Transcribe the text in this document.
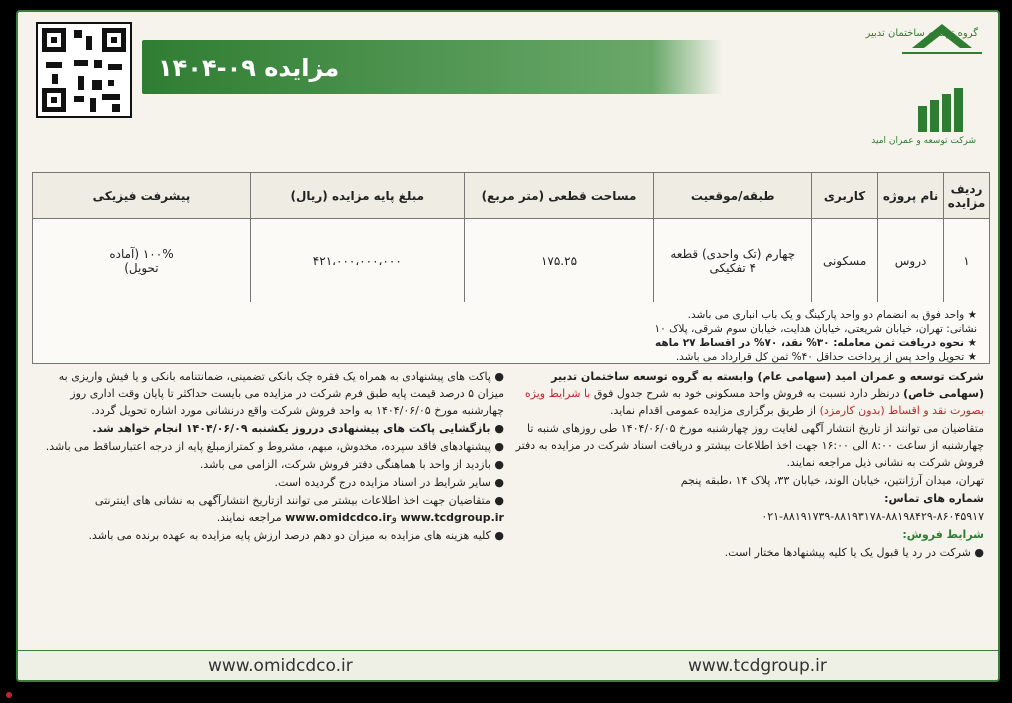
مزایده ۰۹-۱۴۰۴
گروه توسعه ساختمان تدبیر
شرکت توسعه و عمران امید
ردیف مزایده	نام پروژه	کاربری	طبقه/موقعیت	مساحت قطعی (متر مربع)	مبلغ پایه مزایده (ریال)	پیشرفت فیزیکی
۱	دروس	مسکونی	چهارم (تک واحدی) قطعه ۴ تفکیکی	۱۷۵.۲۵	۴۲۱،۰۰۰،۰۰۰،۰۰۰	۱۰۰% (آماده تحویل)
★ واحد فوق به انضمام دو واحد پارکینگ و یک باب انباری می باشد.
نشانی: تهران، خیابان شریعتی، خیابان هدایت، خیابان سوم شرقی، پلاک ۱۰
★ نحوه دریافت ثمن معامله: ۳۰% نقد، ۷۰% در اقساط ۲۷ ماهه
★ تحویل واحد پس از پرداخت حداقل ۴۰% ثمن کل قرارداد می باشد.

شرکت توسعه و عمران امید (سهامی عام) وابسته به گروه توسعه ساختمان تدبیر (سهامی خاص) درنظر دارد نسبت به فروش واحد مسکونی خود به شرح جدول فوق با شرایط ویژه بصورت نقد و اقساط (بدون کارمزد) از طریق برگزاری مزایده عمومی اقدام نماید.

متقاضیان می توانند از تاریخ انتشار آگهی لغایت روز چهارشنبه مورخ ۱۴۰۴/۰۶/۰۵ طی روزهای شنبه تا چهارشنبه از ساعت ۸:۰۰ الی ۱۶:۰۰ جهت اخذ اطلاعات بیشتر و دریافت اسناد شرکت در مزایده به دفتر فروش شرکت به نشانی ذیل مراجعه نمایند.

تهران، میدان آرژانتین، خیابان الوند، خیابان ۳۳، پلاک ۱۴ ،طبقه پنجم

شماره های تماس:

۰۲۱-۸۸۱۹۱۷۳۹-۸۸۱۹۳۱۷۸-۸۸۱۹۸۴۲۹-۸۶۰۴۵۹۱۷

شرایط فروش:

● شرکت در رد یا قبول یک یا کلیه پیشنهادها مختار است.

● پاکت های پیشنهادی به همراه یک فقره چک بانکی تضمینی، ضمانتنامه بانکی و یا فیش واریزی به میزان ۵ درصد قیمت پایه طبق فرم شرکت در مزایده می بایست حداکثر تا پایان وقت اداری روز چهارشنبه مورخ ۱۴۰۴/۰۶/۰۵ به واحد فروش شرکت واقع درنشانی مورد اشاره تحویل گردد.

● بازگشایی پاکت های پیشنهادی درروز یکشنبه ۱۴۰۴/۰۶/۰۹ انجام خواهد شد.

● پیشنهادهای فاقد سپرده، مخدوش، مبهم، مشروط و کمترازمبلغ پایه از درجه اعتبارساقط می باشد.

● بازدید از واحد با هماهنگی دفتر فروش شرکت، الزامی می باشد.

● سایر شرایط در اسناد مزایده درج گردیده است.

● متقاضیان جهت اخذ اطلاعات بیشتر می توانند ازتاریخ انتشارآگهی به نشانی های اینترنتی www.tcdgroup.ir وwww.omidcdco.ir مراجعه نمایند.

● کلیه هزینه های مزایده به میزان دو دهم درصد ارزش پایه مزایده به عهده برنده می باشد.

www.omidcdco.ir	www.tcdgroup.ir
